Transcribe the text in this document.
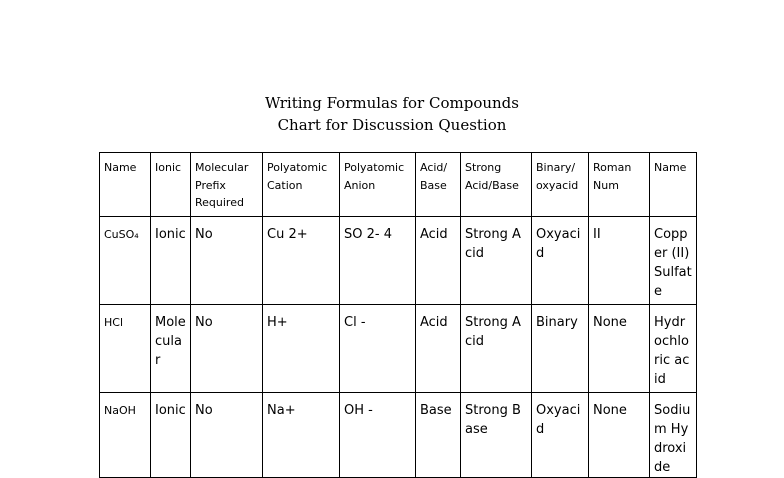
Writing Formulas for Compounds
Chart for Discussion Question
Name	Ionic	Molecular Prefix Required	Polyatomic Cation	Polyatomic Anion	Acid/ Base	Strong Acid/Base	Binary/ oxyacid	Roman Num	Name
CuSO₄	Ionic	No	Cu 2+	SO 2- 4	Acid	Strong Acid	Oxyacid	II	Copper (II) Sulfate
HCl	Molecular	No	H+	Cl -	Acid	Strong Acid	Binary	None	Hydrochloric acid
NaOH	Ionic	No	Na+	OH -	Base	Strong Base	Oxyacid	None	Sodium Hydroxide
